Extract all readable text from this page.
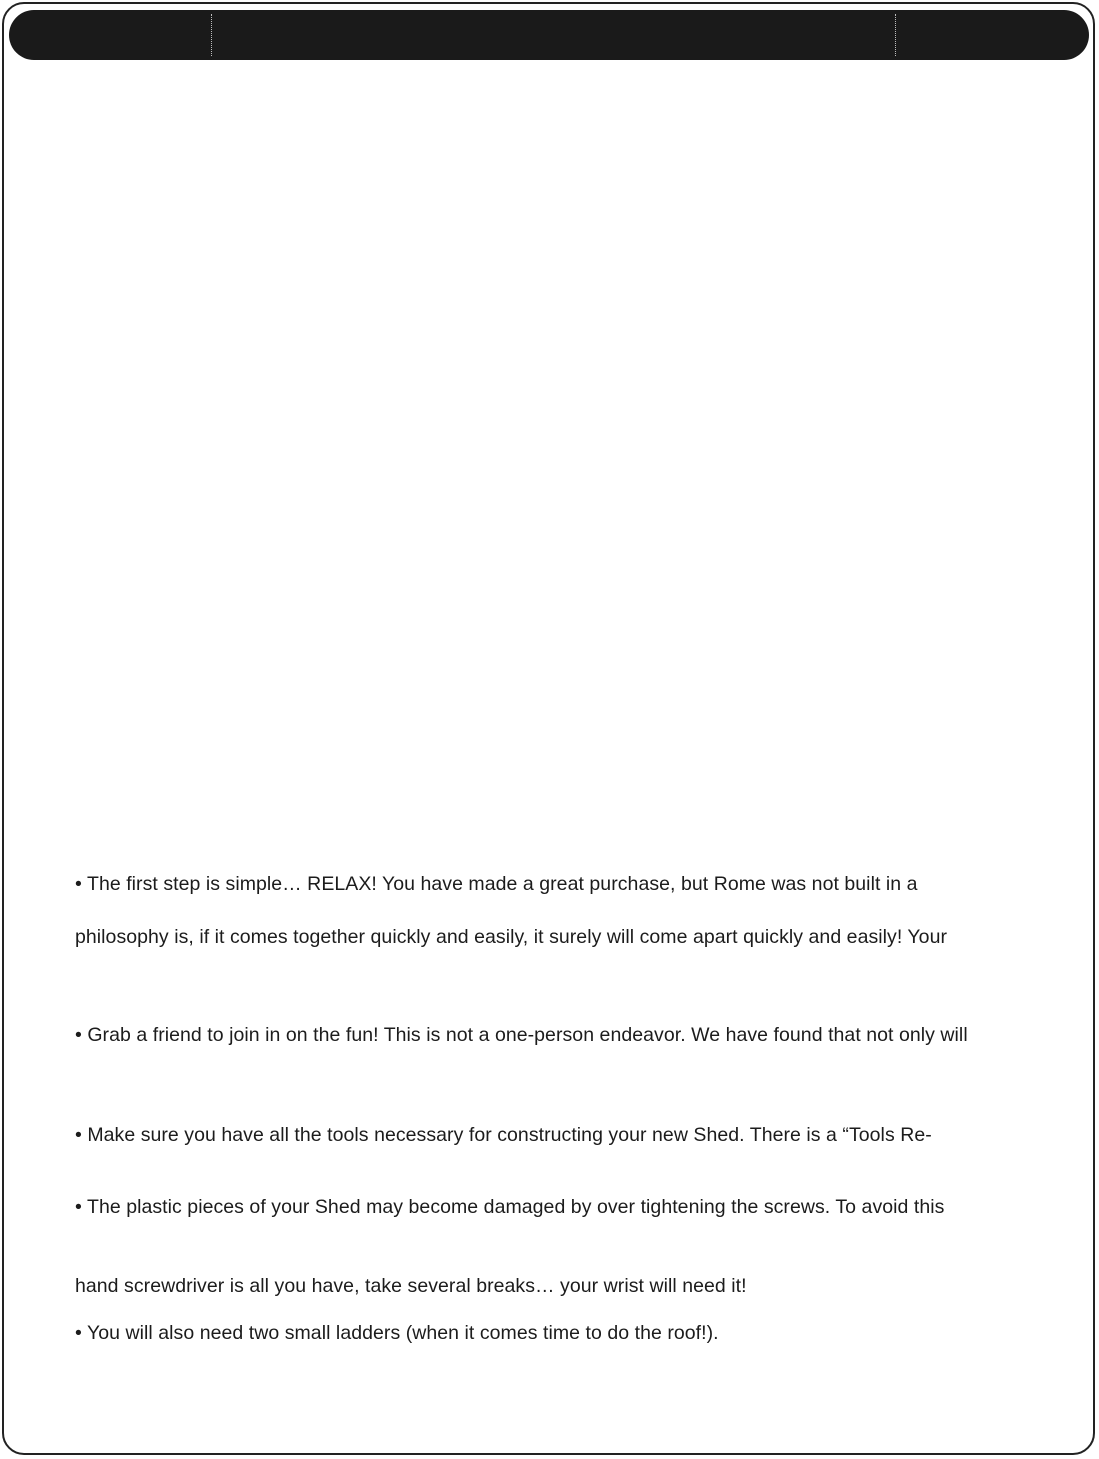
• The first step is simple… RELAX! You have made a great purchase, but Rome was not built in a
philosophy is, if it comes together quickly and easily, it surely will come apart quickly and easily! Your
• Grab a friend to join in on the fun! This is not a one-person endeavor. We have found that not only will
• Make sure you have all the tools necessary for constructing your new Shed. There is a “Tools Re-
• The plastic pieces of your Shed may become damaged by over tightening the screws. To avoid this
hand screwdriver is all you have, take several breaks… your wrist will need it!
• You will also need two small ladders (when it comes time to do the roof!).
